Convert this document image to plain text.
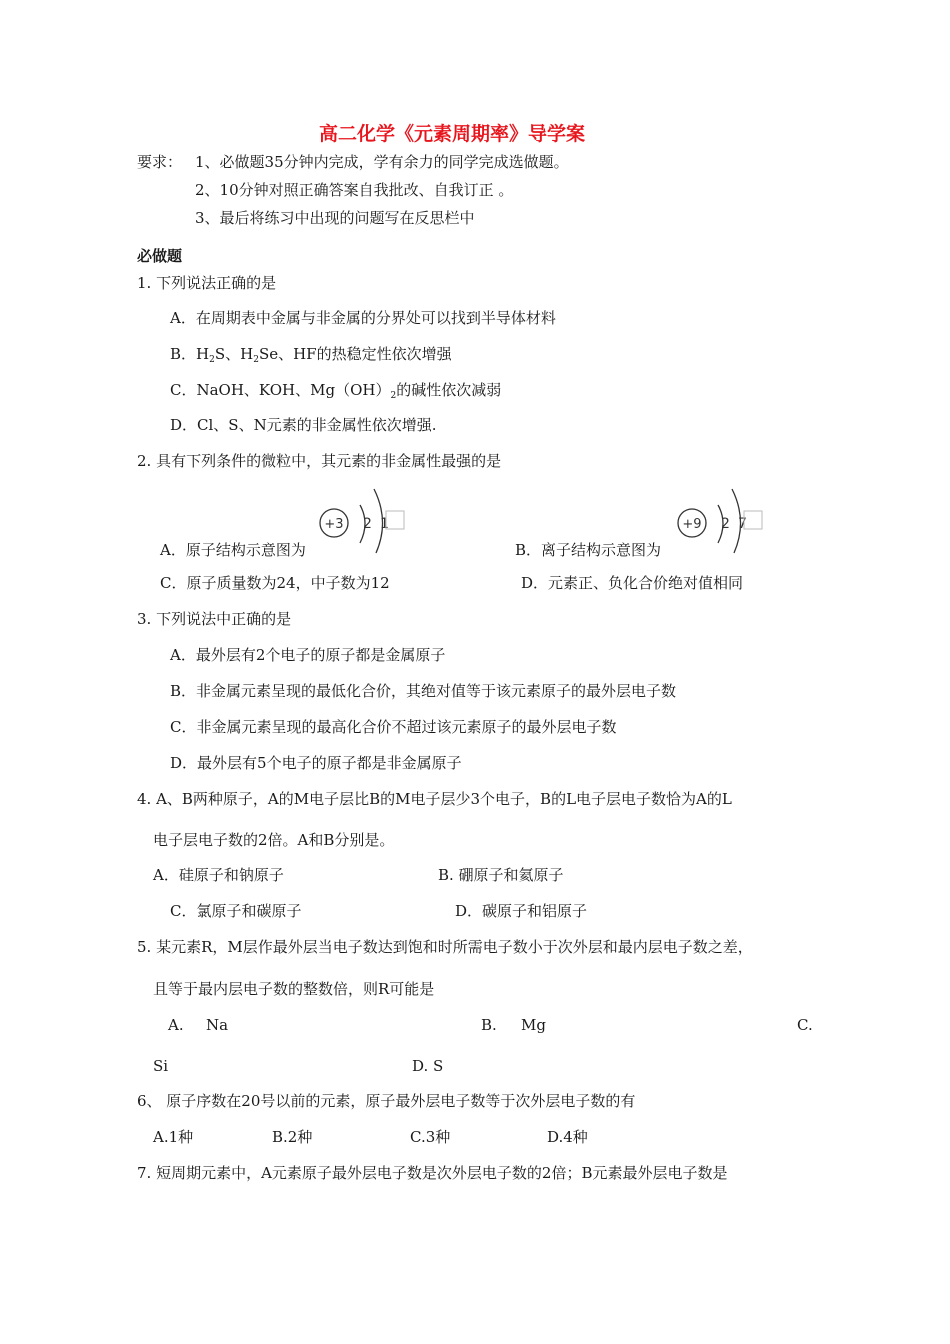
高二化学《元素周期率》导学案
要求： 1、必做题35分钟内完成，学有余力的同学完成选做题。
2、10分钟对照正确答案自我批改、自我订正 。
3、最后将练习中出现的问题写在反思栏中
必做题
1. 下列说法正确的是
A．在周期表中金属与非金属的分界处可以找到半导体材料
B．$H_2S$、$H_2Se$、HF的热稳定性依次增强
C．NaOH、KOH、$Mg(OH)_2$的碱性依次减弱
D．Cl、S、N元素的非金属性依次增强.
2. 具有下列条件的微粒中，其元素的非金属性最强的是
+3 2 1	+9 2 7
A．原子结构示意图为	B．离子结构示意图为
C．原子质量数为24，中子数为12	D．元素正、负化合价绝对值相同
3. 下列说法中正确的是
A．最外层有2个电子的原子都是金属原子
B．非金属元素呈现的最低化合价，其绝对值等于该元素原子的最外层电子数
C．非金属元素呈现的最高化合价不超过该元素原子的最外层电子数
D．最外层有5个电子的原子都是非金属原子
4. A、B两种原子，A的M电子层比B的M电子层少3个电子，B的L电子层电子数恰为A的L
电子层电子数的2倍。A和B分别是。
A．硅原子和钠原子	B. 硼原子和氦原子
C．氯原子和碳原子	D．碳原子和铝原子
5. 某元素R，M层作最外层当电子数达到饱和时所需电子数小于次外层和最内层电子数之差，
且等于最内层电子数的整数倍，则R可能是
A. Na	B. Mg	C.
Si	D. S
6、 原子序数在20号以前的元素，原子最外层电子数等于次外层电子数的有
A.1种	B.2种	C.3种	D.4种
7. 短周期元素中，A元素原子最外层电子数是次外层电子数的2倍；B元素最外层电子数是
